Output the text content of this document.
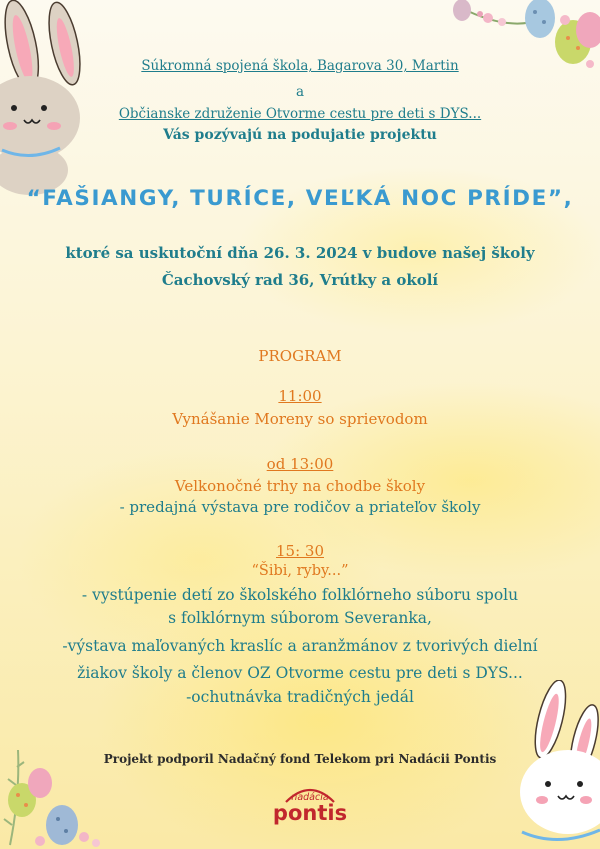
Súkromná spojená škola, Bagarova 30, Martin
a
Občianske združenie Otvorme cestu pre deti s DYS...
Vás pozývajú na podujatie projektu
“FAŠIANGY, TURÍCE, VEĽKÁ NOC PRÍDE”,
ktoré sa uskutoční dňa 26. 3. 2024 v budove našej školy
Čachovský rad 36, Vrútky a okolí
PROGRAM
11:00
Vynášanie Moreny so sprievodom
od 13:00
Velkonočné trhy na chodbe školy
- predajná výstava pre rodičov a priateľov školy
15: 30
“Šibi, ryby...”
- vystúpenie detí zo školského folklórneho súboru spolu
s folklórnym súborom Severanka,
-výstava maľovaných kraslíc a aranžmánov z tvorivých dielní
žiakov školy a členov OZ Otvorme cestu pre deti s DYS...
-ochutnávka tradičných jedál
Projekt podporil Nadačný fond Telekom pri Nadácii Pontis
nadácia
pontis
